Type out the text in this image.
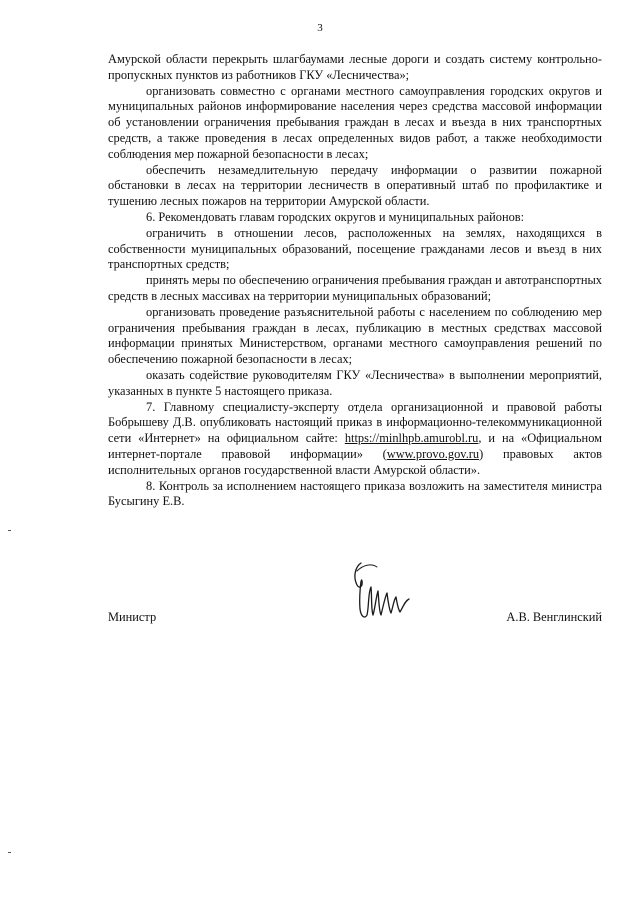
3

Амурской области перекрыть шлагбаумами лесные дороги и создать систему контрольно-пропускных пунктов из работников ГКУ «Лесничества»;

организовать совместно с органами местного самоуправления городских округов и муниципальных районов информирование населения через средства массовой информации об установлении ограничения пребывания граждан в лесах и въезда в них транспортных средств, а также проведения в лесах определенных видов работ, а также необходимости соблюдения мер пожарной безопасности в лесах;

обеспечить незамедлительную передачу информации о развитии пожарной обстановки в лесах на территории лесничеств в оперативный штаб по профилактике и тушению лесных пожаров на территории Амурской области.

6. Рекомендовать главам городских округов и муниципальных районов:

ограничить в отношении лесов, расположенных на землях, находящихся в собственности муниципальных образований, посещение гражданами лесов и въезд в них транспортных средств;

принять меры по обеспечению ограничения пребывания граждан и автотранспортных средств в лесных массивах на территории муниципальных образований;

организовать проведение разъяснительной работы с населением по соблюдению мер ограничения пребывания граждан в лесах, публикацию в местных средствах массовой информации принятых Министерством, органами местного самоуправления решений по обеспечению пожарной безопасности в лесах;

оказать содействие руководителям ГКУ «Лесничества» в выполнении мероприятий, указанных в пункте 5 настоящего приказа.

7. Главному специалисту-эксперту отдела организационной и правовой работы Бобрышеву Д.В. опубликовать настоящий приказ в информационно-телекоммуникационной сети «Интернет» на официальном сайте: https://minlhpb.amurobl.ru, и на «Официальном интернет-портале правовой информации» (www.provo.gov.ru) правовых актов исполнительных органов государственной власти Амурской области».

8. Контроль за исполнением настоящего приказа возложить на заместителя министра Бусыгину Е.В.

Министр	А.В. Венглинский
